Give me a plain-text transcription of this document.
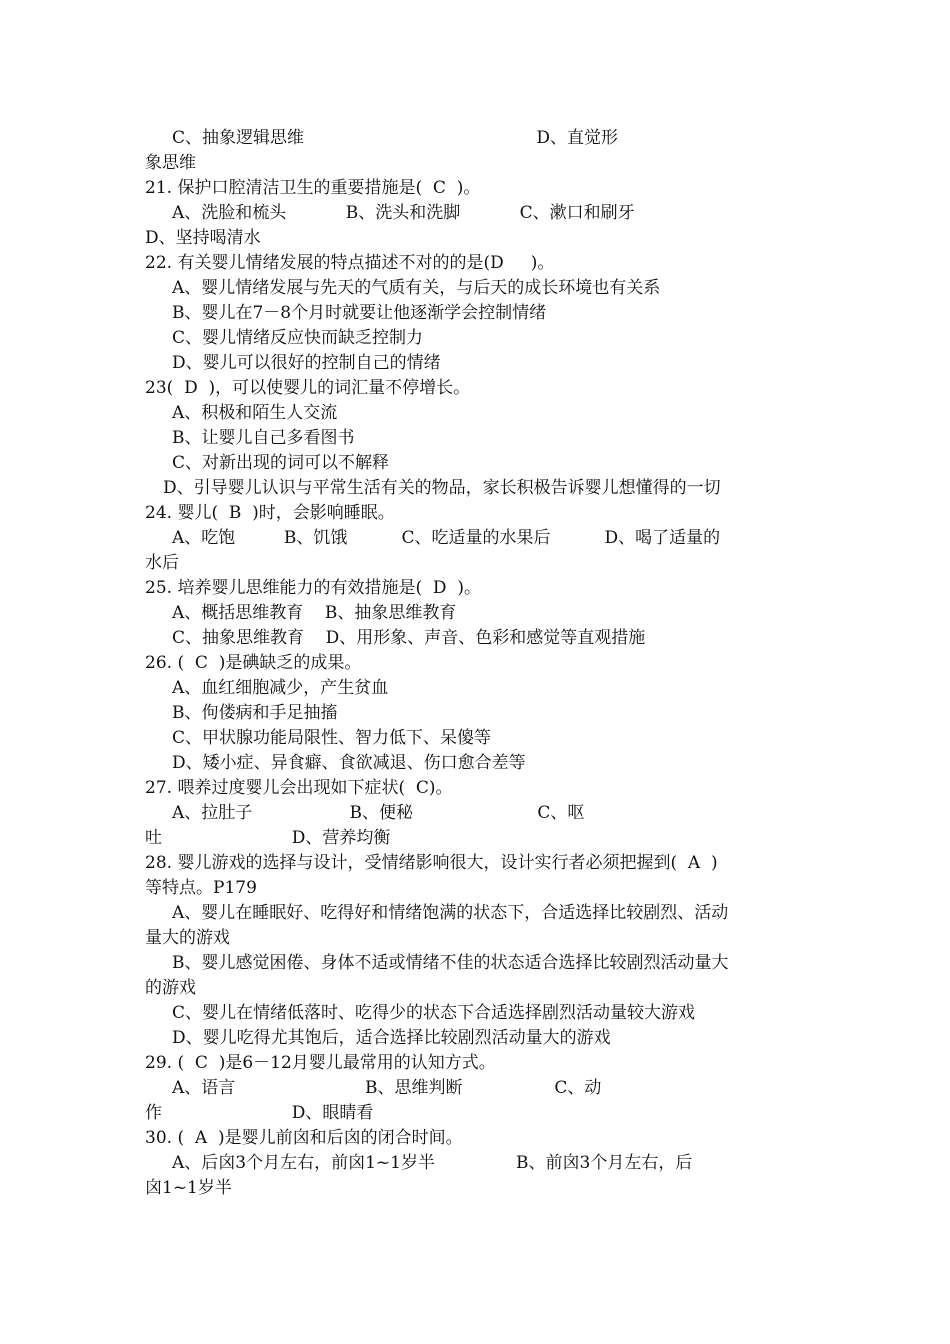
C、抽象逻辑思维                                           D、直觉形
象思维
21. 保护口腔清洁卫生的重要措施是(  C  )。
A、洗脸和梳头           B、洗头和洗脚           C、漱口和刷牙
D、坚持喝清水
22. 有关婴儿情绪发展的特点描述不对的的是(D     )。
A、婴儿情绪发展与先天的气质有关，与后天的成长环境也有关系
B、婴儿在7－8个月时就要让他逐渐学会控制情绪
C、婴儿情绪反应快而缺乏控制力
D、婴儿可以很好的控制自己的情绪
23(  D  )，可以使婴儿的词汇量不停增长。
A、积极和陌生人交流
B、让婴儿自己多看图书
C、对新出现的词可以不解释
D、引导婴儿认识与平常生活有关的物品，家长积极告诉婴儿想懂得的一切
24. 婴儿(  B  )时，会影响睡眠。
A、吃饱         B、饥饿          C、吃适量的水果后          D、喝了适量的
水后
25. 培养婴儿思维能力的有效措施是(  D  )。
A、概括思维教育    B、抽象思维教育
C、抽象思维教育    D、用形象、声音、色彩和感觉等直观措施
26. (  C  )是碘缺乏的成果。
A、血红细胞减少，产生贫血
B、佝偻病和手足抽搐
C、甲状腺功能局限性、智力低下、呆傻等
D、矮小症、异食癖、食欲减退、伤口愈合差等
27. 喂养过度婴儿会出现如下症状(  C)。
A、拉肚子                  B、便秘                       C、呕
吐                        D、营养均衡
28. 婴儿游戏的选择与设计，受情绪影响很大，设计实行者必须把握到(  A  )
等特点。P179
A、婴儿在睡眠好、吃得好和情绪饱满的状态下，合适选择比较剧烈、活动
量大的游戏
B、婴儿感觉困倦、身体不适或情绪不佳的状态适合选择比较剧烈活动量大
的游戏
C、婴儿在情绪低落时、吃得少的状态下合适选择剧烈活动量较大游戏
D、婴儿吃得尤其饱后，适合选择比较剧烈活动量大的游戏
29. (  C  )是6－12月婴儿最常用的认知方式。
A、语言                        B、思维判断                 C、动
作                        D、眼睛看
30. (  A  )是婴儿前囟和后囟的闭合时间。
A、后囟3个月左右，前囟1~1岁半               B、前囟3个月左右，后
囟1~1岁半
